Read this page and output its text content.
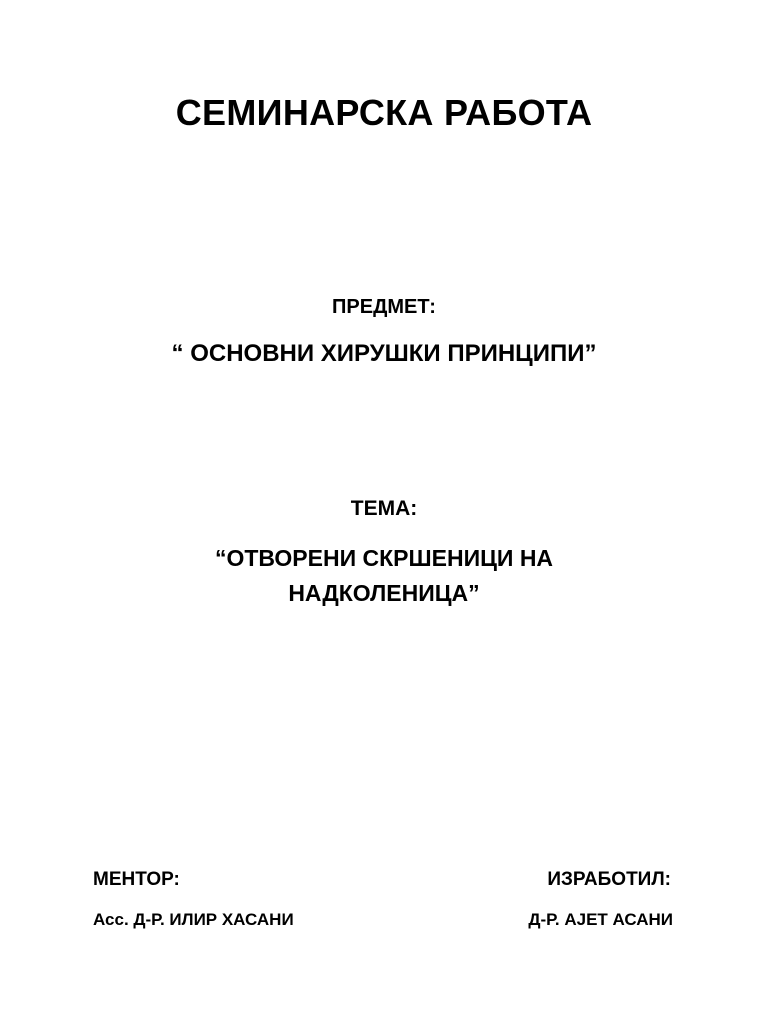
СЕМИНАРСКА РАБОТА
ПРЕДМЕТ:
“ ОСНОВНИ ХИРУШКИ ПРИНЦИПИ”
ТЕМА:
“ОТВОРЕНИ СКРШЕНИЦИ НА
НАДКОЛЕНИЦА”
МЕНТОР:
Асс. Д-Р. ИЛИР ХАСАНИ
ИЗРАБОТИЛ:
Д-Р. АЈЕТ АСАНИ
